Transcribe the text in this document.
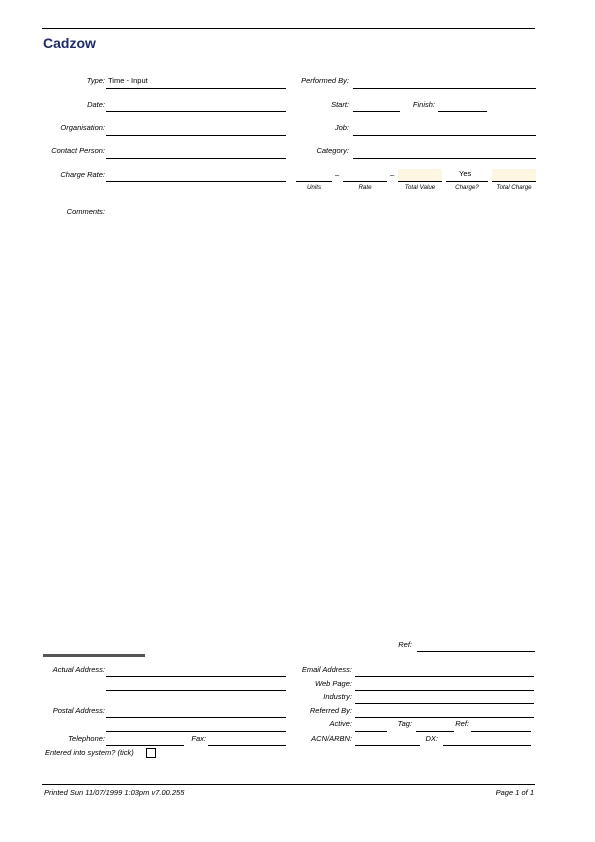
Cadzow
Type: Time - Input	Performed By:
Date:	Start:	Finish:
Organisation:	Job:
Contact Person:	Category:
Charge Rate:	–	–	Yes
Units	Rate	Total Value	Charge?	Total Charge
Comments:
Ref:
Actual Address:	Email Address:
Web Page:
Industry:
Postal Address:	Referred By:
Active:	Tag:	Ref:
Telephone:	Fax:	ACN/ARBN:	DX:
Entered into system? (tick)
Printed Sun 11/07/1999 1:03pm v7.00.255	Page 1 of 1
